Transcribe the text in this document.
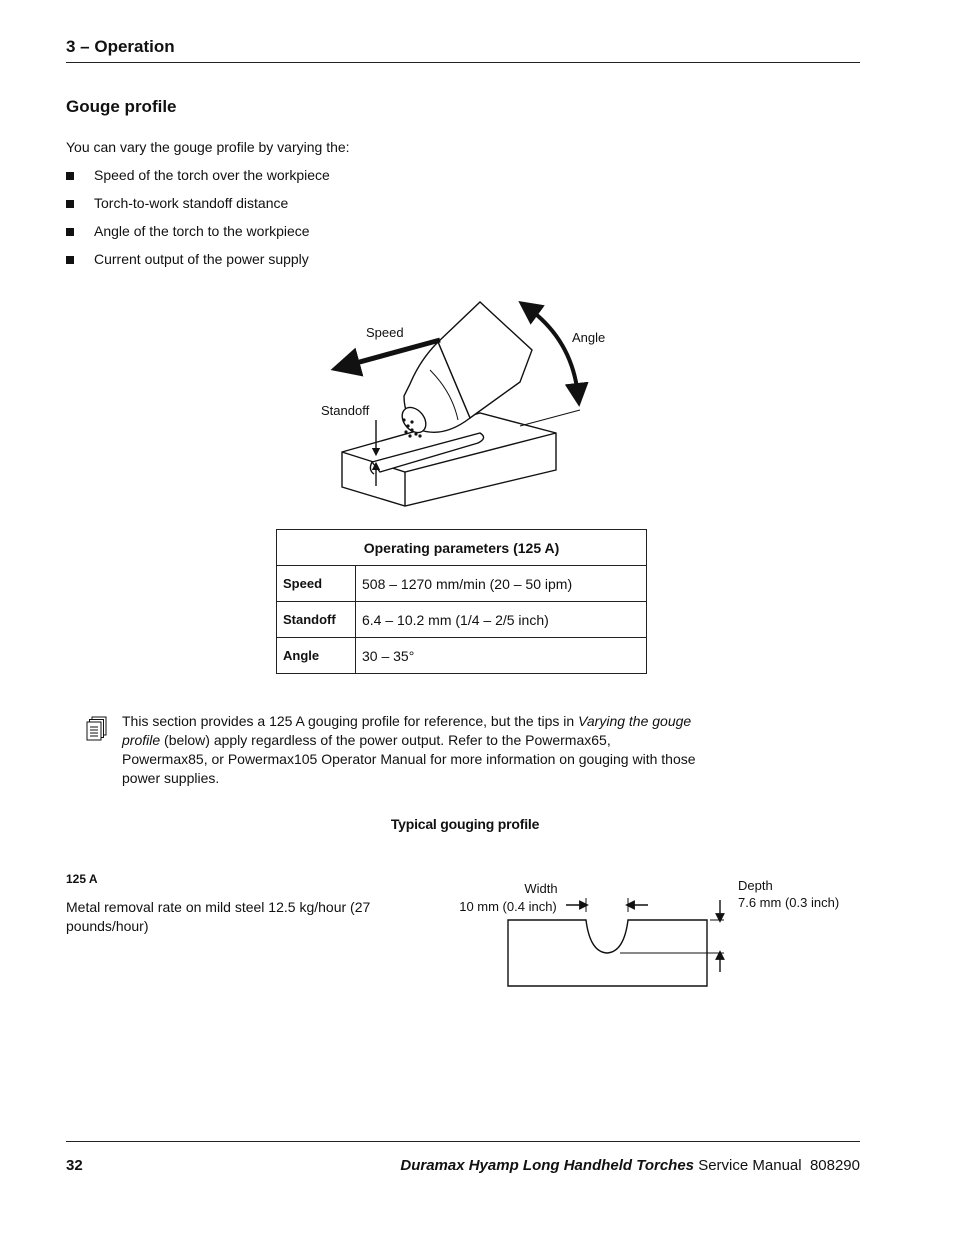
3 – Operation
Gouge profile
You can vary the gouge profile by varying the:
Speed of the torch over the workpiece
Torch-to-work standoff distance
Angle of the torch to the workpiece
Current output of the power supply
Speed	Angle
Standoff
Operating parameters (125 A)	
Speed	508 – 1270 mm/min (20 – 50 ipm)
Standoff	6.4 – 10.2 mm (1/4 – 2/5 inch)
Angle	30 – 35°
This section provides a 125 A gouging profile for reference, but the tips in Varying the gouge profile (below) apply regardless of the power output. Refer to the Powermax65, Powermax85, or Powermax105 Operator Manual for more information on gouging with those power supplies.
Typical gouging profile
125 A
Metal removal rate on mild steel 12.5 kg/hour (27 pounds/hour)
Width
10 mm (0.4 inch)
Depth
7.6 mm (0.3 inch)
32	Duramax Hyamp Long Handheld Torches Service Manual 808290
